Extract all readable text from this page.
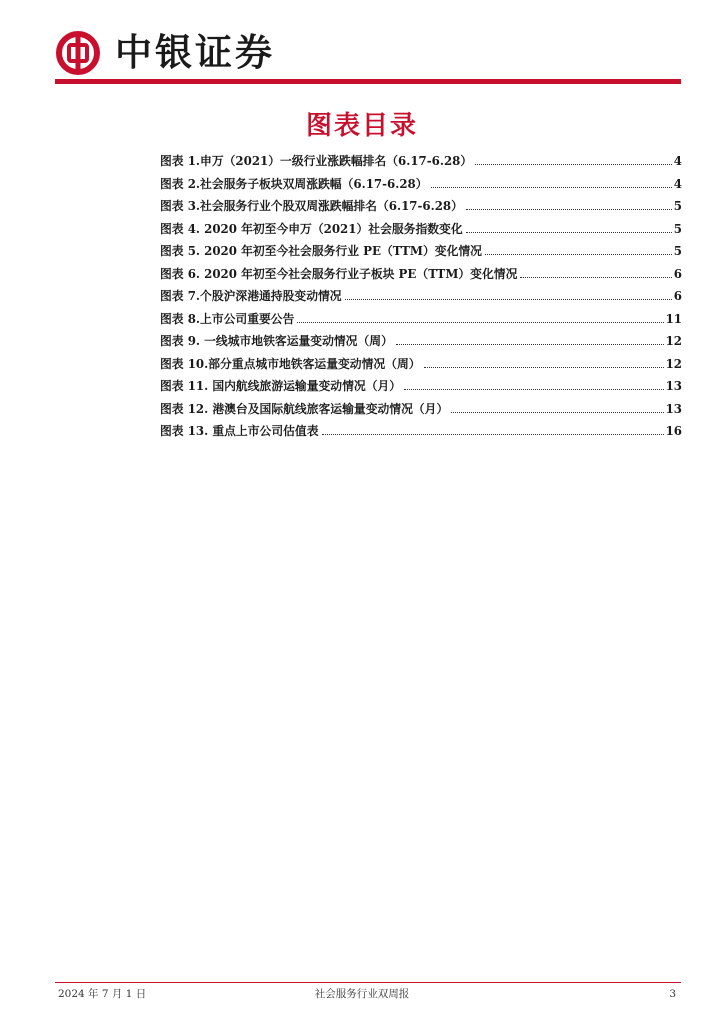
中银证券
图表目录
图表 1.申万（2021）一级行业涨跌幅排名（6.17-6.28）	4
图表 2.社会服务子板块双周涨跌幅（6.17-6.28）	4
图表 3.社会服务行业个股双周涨跌幅排名（6.17-6.28）	5
图表 4. 2020 年初至今申万（2021）社会服务指数变化	5
图表 5. 2020 年初至今社会服务行业 PE（TTM）变化情况	5
图表 6. 2020 年初至今社会服务行业子板块 PE（TTM）变化情况	6
图表 7.个股沪深港通持股变动情况	6
图表 8.上市公司重要公告	11
图表 9. 一线城市地铁客运量变动情况（周）	12
图表 10.部分重点城市地铁客运量变动情况（周）	12
图表 11. 国内航线旅游运输量变动情况（月）	13
图表 12. 港澳台及国际航线旅客运输量变动情况（月）	13
图表 13. 重点上市公司估值表	16
2024 年 7 月 1 日	社会服务行业双周报	3
